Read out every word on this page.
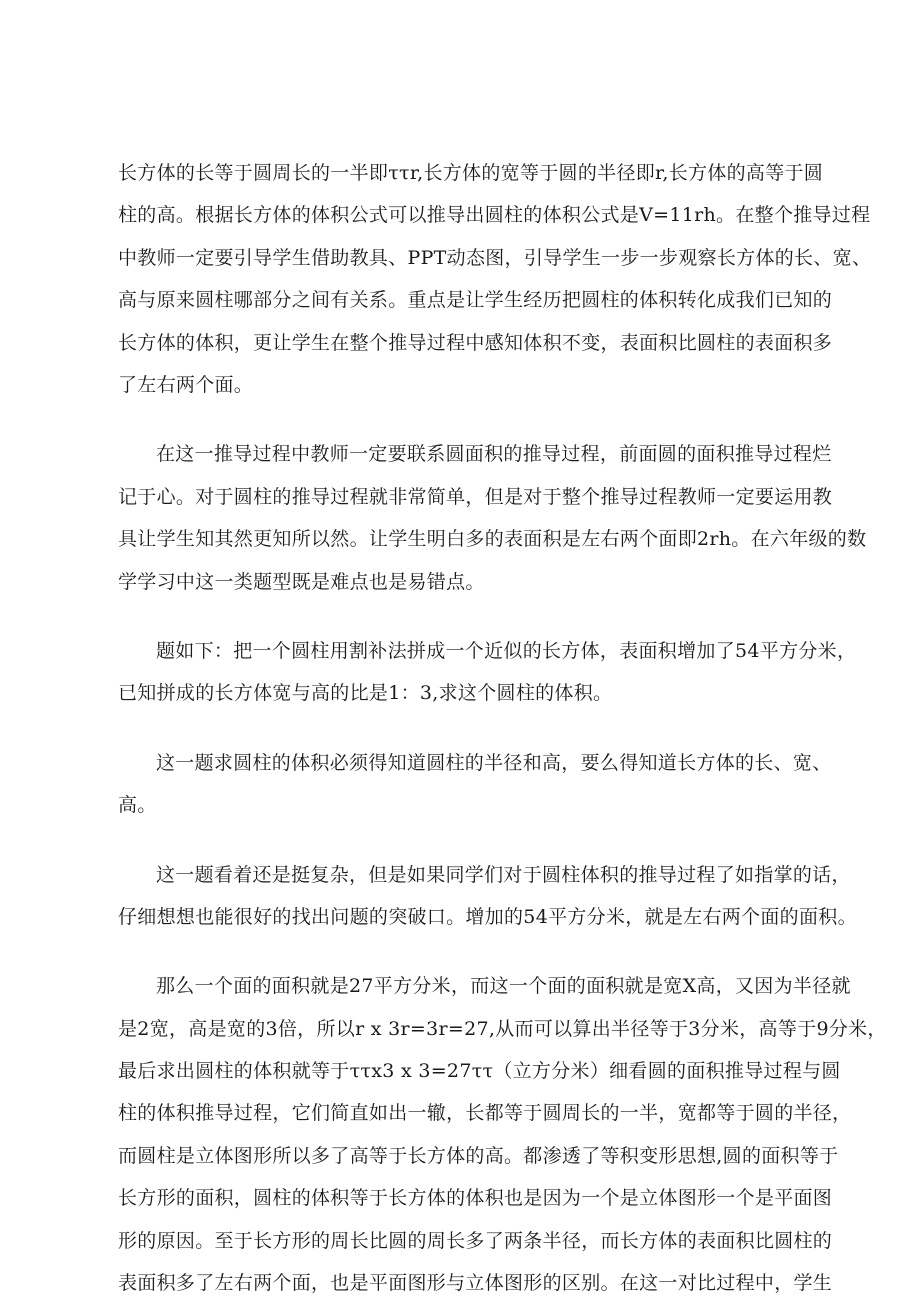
长方体的长等于圆周长的一半即ττr,长方体的宽等于圆的半径即r,长方体的高等于圆

柱的高。根据长方体的体积公式可以推导出圆柱的体积公式是V=11rh。在整个推导过程

中教师一定要引导学生借助教具、PPT动态图，引导学生一步一步观察长方体的长、宽、

高与原来圆柱哪部分之间有关系。重点是让学生经历把圆柱的体积转化成我们已知的

长方体的体积，更让学生在整个推导过程中感知体积不变，表面积比圆柱的表面积多

了左右两个面。

在这一推导过程中教师一定要联系圆面积的推导过程，前面圆的面积推导过程烂

记于心。对于圆柱的推导过程就非常简单，但是对于整个推导过程教师一定要运用教

具让学生知其然更知所以然。让学生明白多的表面积是左右两个面即2rh。在六年级的数

学学习中这一类题型既是难点也是易错点。

题如下：把一个圆柱用割补法拼成一个近似的长方体，表面积增加了54平方分米，

已知拼成的长方体宽与高的比是1：3,求这个圆柱的体积。

这一题求圆柱的体积必须得知道圆柱的半径和高，要么得知道长方体的长、宽、

高。

这一题看着还是挺复杂，但是如果同学们对于圆柱体积的推导过程了如指掌的话，

仔细想想也能很好的找出问题的突破口。增加的54平方分米，就是左右两个面的面积。

那么一个面的面积就是27平方分米，而这一个面的面积就是宽X高，又因为半径就

是2宽，高是宽的3倍，所以r x 3r=3r=27,从而可以算出半径等于3分米，高等于9分米，

最后求出圆柱的体积就等于ττx3 x 3=27ττ（立方分米）细看圆的面积推导过程与圆

柱的体积推导过程，它们简直如出一辙，长都等于圆周长的一半，宽都等于圆的半径，

而圆柱是立体图形所以多了高等于长方体的高。都渗透了等积变形思想,圆的面积等于

长方形的面积，圆柱的体积等于长方体的体积也是因为一个是立体图形一个是平面图

形的原因。至于长方形的周长比圆的周长多了两条半径，而长方体的表面积比圆柱的

表面积多了左右两个面，也是平面图形与立体图形的区别。在这一对比过程中，学生
